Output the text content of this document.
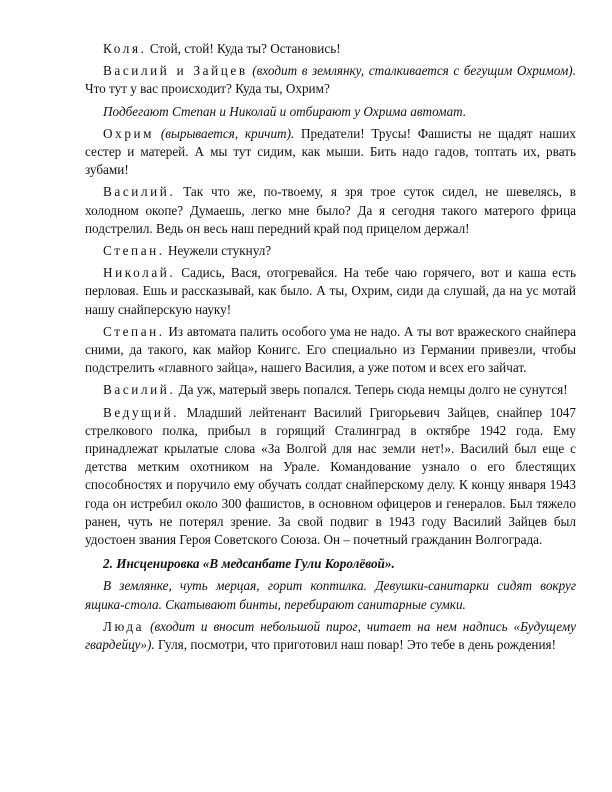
Коля. Стой, стой! Куда ты? Остановись!

Василий и Зайцев (входит в землянку, сталкивается с бегущим Охримом). Что тут у вас происходит? Куда ты, Охрим?

Подбегают Степан и Николай и отбирают у Охрима автомат.

Охрим (вырывается, кричит). Предатели! Трусы! Фашисты не щадят наших сестер и матерей. А мы тут сидим, как мыши. Бить надо гадов, топтать их, рвать зубами!

Василий. Так что же, по-твоему, я зря трое суток сидел, не шевелясь, в холодном окопе? Думаешь, легко мне было? Да я сегодня такого матерого фрица подстрелил. Ведь он весь наш передний край под прицелом держал!

Степан. Неужели стукнул?

Николай. Садись, Вася, отогревайся. На тебе чаю горячего, вот и каша есть перловая. Ешь и рассказывай, как было. А ты, Охрим, сиди да слушай, да на ус мотай нашу снайперскую науку!

Степан. Из автомата палить особого ума не надо. А ты вот вражеского снайпера сними, да такого, как майор Конигс. Его специально из Германии привезли, чтобы подстрелить «главного зайца», нашего Василия, а уже потом и всех его зайчат.

Василий. Да уж, матерый зверь попался. Теперь сюда немцы долго не сунутся!

Ведущий. Младший лейтенант Василий Григорьевич Зайцев, снайпер 1047 стрелкового полка, прибыл в горящий Сталинград в октябре 1942 года. Ему принадлежат крылатые слова «За Волгой для нас земли нет!». Василий был еще с детства метким охотником на Урале. Командование узнало о его блестящих способностях и поручило ему обучать солдат снайперскому делу. К концу января 1943 года он истребил около 300 фашистов, в основном офицеров и генералов. Был тяжело ранен, чуть не потерял зрение. За свой подвиг в 1943 году Василий Зайцев был удостоен звания Героя Советского Союза. Он – почетный гражданин Волгограда.

2. Инсценировка «В медсанбате Гули Королёвой».

В землянке, чуть мерцая, горит коптилка. Девушки-санитарки сидят вокруг ящика-стола. Скатывают бинты, перебирают санитарные сумки.

Люда (входит и вносит небольшой пирог, читает на нем надпись «Будущему гвардейцу»). Гуля, посмотри, что приготовил наш повар! Это тебе в день рождения!
